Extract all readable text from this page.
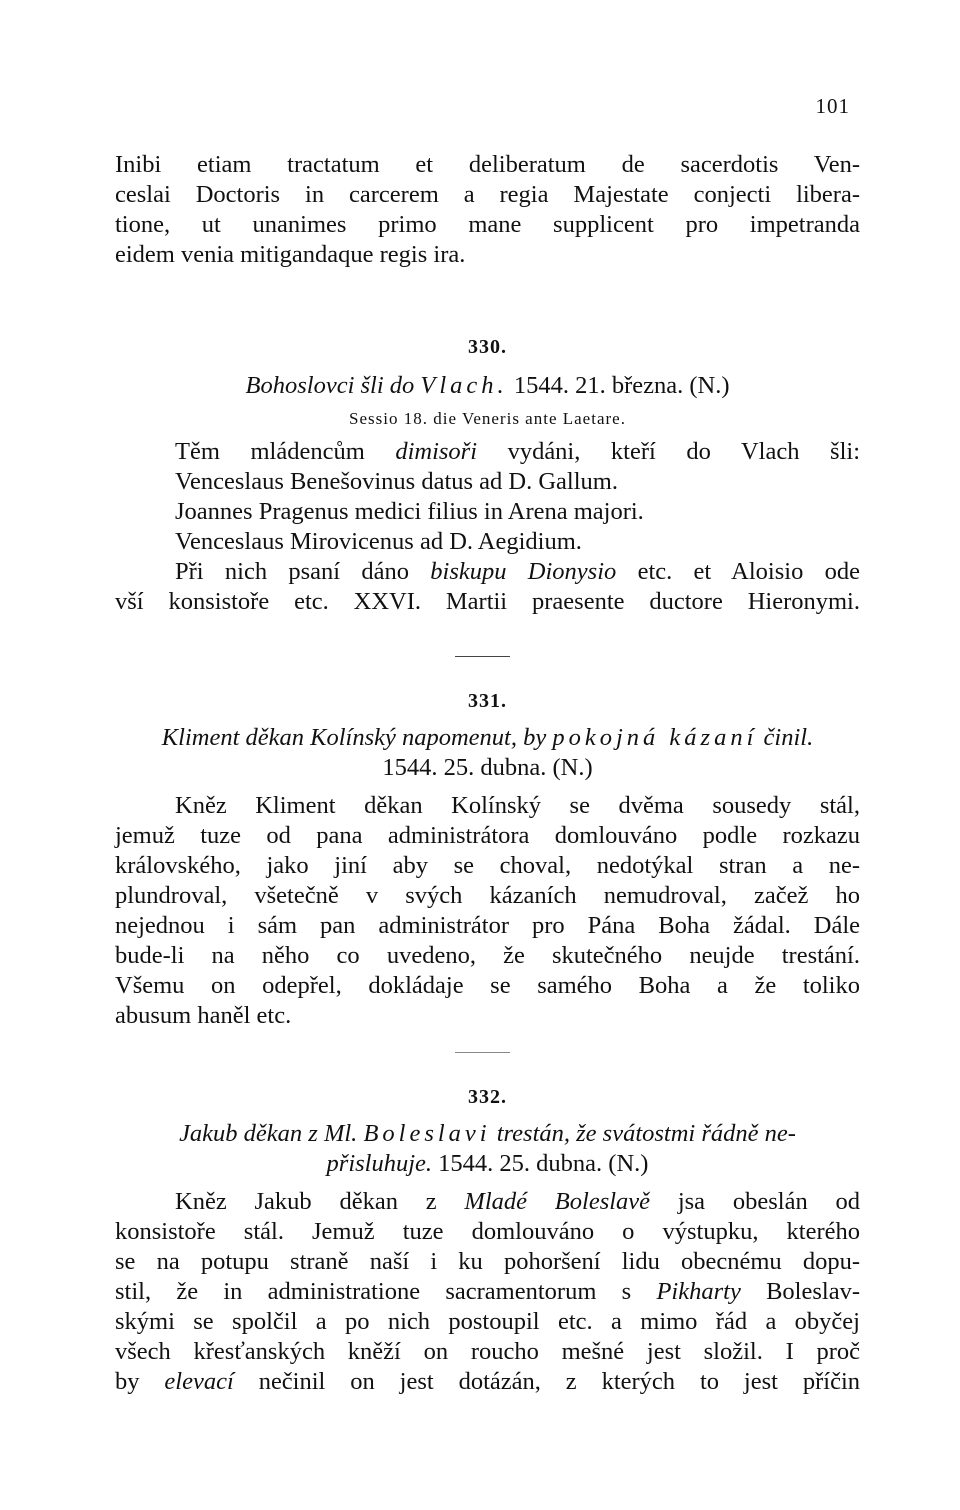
101
Inibi etiam tractatum et deliberatum de sacerdotis Ven-
ceslai Doctoris in carcerem a regia Majestate conjecti libera-
tione, ut unanimes primo mane supplicent pro impetranda
eidem venia mitigandaque regis ira.
330.
Bohoslovci šli do Vlach. 1544. 21. března. (N.)
Sessio 18. die Veneris ante Laetare.
Těm mládencům dimisoři vydáni, kteří do Vlach šli:
Venceslaus Benešovinus datus ad D. Gallum.
Joannes Pragenus medici filius in Arena majori.
Venceslaus Mirovicenus ad D. Aegidium.
Při nich psaní dáno biskupu Dionysio etc. et Aloisio ode
vší konsistoře etc. XXVI. Martii praesente ductore Hieronymi.
331.
Kliment děkan Kolínský napomenut, by pokojná kázaní činil.
1544. 25. dubna. (N.)
Kněz Kliment děkan Kolínský se dvěma sousedy stál,
jemuž tuze od pana administrátora domlouváno podle rozkazu
královského, jako jiní aby se choval, nedotýkal stran a ne-
plundroval, všetečně v svých kázaních nemudroval, začež ho
nejednou i sám pan administrátor pro Pána Boha žádal. Dále
bude-li na něho co uvedeno, že skutečného neujde trestání.
Všemu on odepřel, dokládaje se samého Boha a že toliko
abusum haněl etc.
332.
Jakub děkan z Ml. Boleslavi trestán, že svátostmi řádně ne-
přisluhuje. 1544. 25. dubna. (N.)
Kněz Jakub děkan z Mladé Boleslavě jsa obeslán od
konsistoře stál. Jemuž tuze domlouváno o výstupku, kterého
se na potupu straně naší i ku pohoršení lidu obecnému dopu-
stil, že in administratione sacramentorum s Pikharty Boleslav-
skými se spolčil a po nich postoupil etc. a mimo řád a obyčej
všech křesťanských kněží on roucho mešné jest složil. I proč
by elevací nečinil on jest dotázán, z kterých to jest příčin
